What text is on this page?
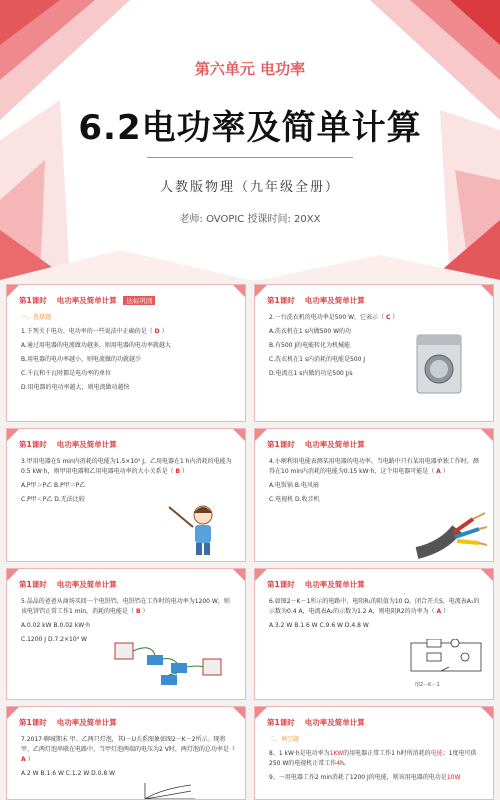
第六单元 电功率
6.2电功率及简单计算
人教版物理（九年级全册）
老师: OVOPIC 授课时间: 20XX
第1课时 电功率及简单计算 达标巩固

一、选择题

1.下列关于电功、电功率的一些说法中正确的是（ D ）

A.通过用电器的电流做功越多，则用电器的电功率就越大

B.用电器的电功率越小，则电流做的功就越少

C.千瓦和千瓦时都是电功率的单位

D.用电器的电功率越大，则电流做功越快

第1课时 电功率及简单计算

2.一台洗衣机的电功率是500 W，它表示（ C ）

A.洗衣机在1 s内做500 W的功

B.有500 J的电能转化为机械能

C.洗衣机在1 s内消耗的电能是500 J

D.电流在1 s内做的功是500 J/s

第1课时 电功率及简单计算

3.甲用电器在5 min内消耗的电能为1.5×10⁵ J，乙用电器在1 h内消耗的电能为0.5 kW·h，则甲用电器和乙用电器电功率的大小关系是（ B ）

A.P甲＞P乙 B.P甲＝P乙

C.P甲＜P乙 D.无法比较

第1课时 电功率及简单计算

4.小刚利用电能表测某用电器的电功率。当电路中只有某用电器单独工作时，测得在10 min内消耗的电能为0.15 kW·h，这个用电器可能是（ A ）

A.电饭锅 B.电风扇

C.电视机 D.收音机

第1课时 电功率及简单计算

5.晶晶的爸爸从商场买回一个电饼铛，电饼铛在工作时的电功率为1200 W，则该电饼铛正常工作1 min，消耗的电能是（ B ）

A.0.02 kW B.0.02 kW·h

C.1200 J D.7.2×10⁴ W

第1课时 电功率及简单计算

6.如图2－K－1所示的电路中，电阻R₁的阻值为10 Ω。闭合开关S，电流表A₁的示数为0.4 A，电流表A₂的示数为1.2 A，则电阻R2的功率为（ A ）

A.3.2 W B.1.6 W C.9.6 W D.4.8 W

图2－K－1
第1课时 电功率及简单计算

7.2017·聊城期末 甲、乙两只灯泡，其I－U关系图象如图2－K－2所示。现将甲、乙两灯泡串联在电路中，当甲灯泡两端的电压为2 V时，两灯泡的总功率是（ A ）

A.2 W B.1.6 W C.1.2 W D.0.8 W

第1课时 电功率及简单计算

二、填空题

8、1 kW·h是电功率为1KW的用电器正常工作1 h时所消耗的电能；1度电可供250 W的电视机正常工作4h。

9、一用电器工作2 min消耗了1200 J的电能，则该用电器的电功是10W
